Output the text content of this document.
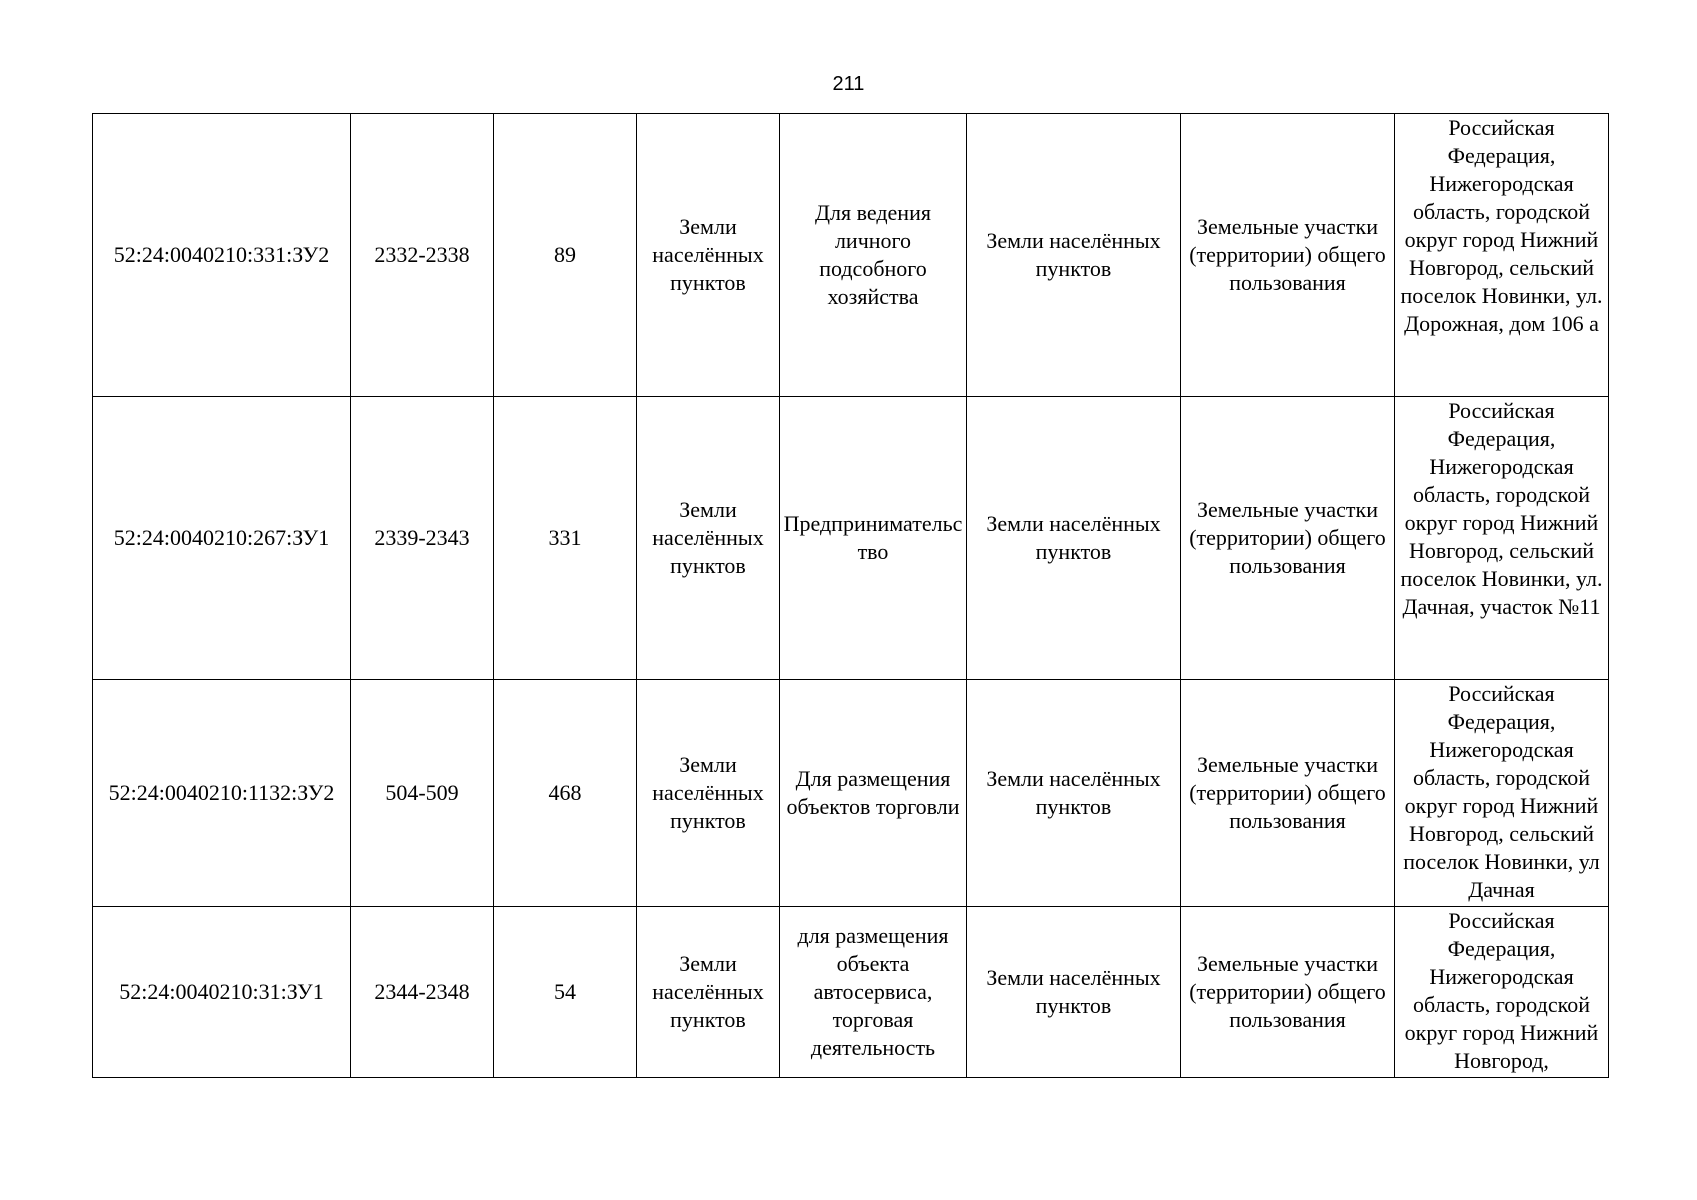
211
52:24:0040210:331:ЗУ2	2332-2338	89	Земли населённых пунктов	Для ведения личного подсобного хозяйства	Земли населённых пунктов	Земельные участки (территории) общего пользования	Российская Федерация, Нижегородская область, городской округ город Нижний Новгород, сельский поселок Новинки, ул. Дорожная, дом 106 а

52:24:0040210:267:ЗУ1	2339-2343	331	Земли населённых пунктов	Предпринимательство	Земли населённых пунктов	Земельные участки (территории) общего пользования	Российская Федерация, Нижегородская область, городской округ город Нижний Новгород, сельский поселок Новинки, ул. Дачная, участок №11

52:24:0040210:1132:ЗУ2	504-509	468	Земли населённых пунктов	Для размещения объектов торговли	Земли населённых пунктов	Земельные участки (территории) общего пользования	Российская Федерация, Нижегородская область, городской округ город Нижний Новгород, сельский поселок Новинки, ул Дачная

52:24:0040210:31:ЗУ1	2344-2348	54	Земли населённых пунктов	для размещения объекта автосервиса, торговая деятельность	Земли населённых пунктов	Земельные участки (территории) общего пользования	Российская Федерация, Нижегородская область, городской округ город Нижний Новгород,
